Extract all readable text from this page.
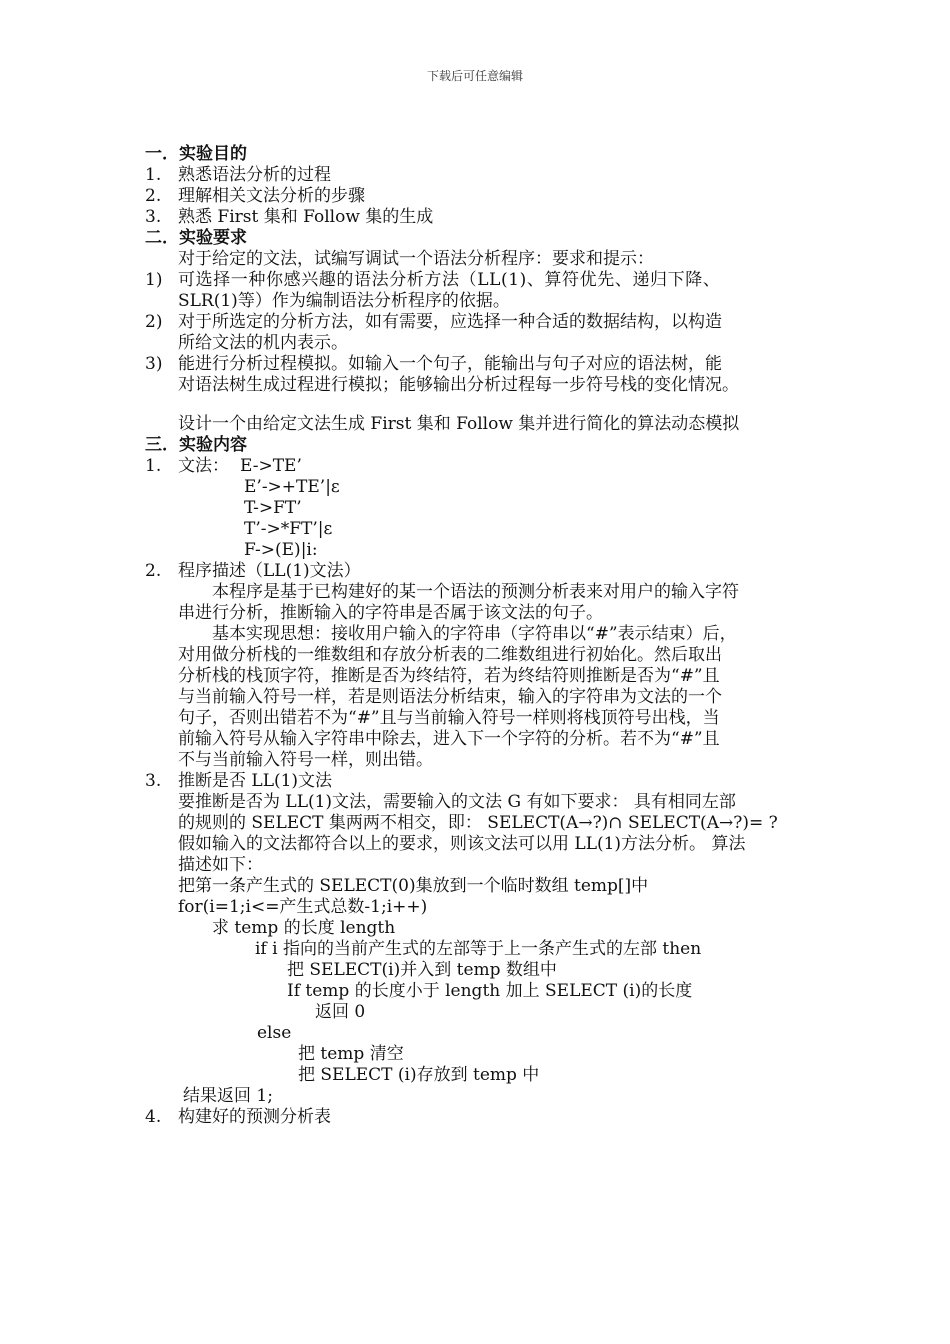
下载后可任意编辑
一．实验目的
1. 熟悉语法分析的过程
2. 理解相关文法分析的步骤
3. 熟悉 First 集和 Follow 集的生成
二．实验要求
对于给定的文法，试编写调试一个语法分析程序：要求和提示：
1) 可选择一种你感兴趣的语法分析方法（LL(1)、算符优先、递归下降、
SLR(1)等）作为编制语法分析程序的依据。
2) 对于所选定的分析方法，如有需要，应选择一种合适的数据结构，以构造
所给文法的机内表示。
3) 能进行分析过程模拟。如输入一个句子，能输出与句子对应的语法树，能
对语法树生成过程进行模拟；能够输出分析过程每一步符号栈的变化情况。
设计一个由给定文法生成 First 集和 Follow 集并进行简化的算法动态模拟
三．实验内容
1. 文法： E->TE’
E’->+TE’|ε
T->FT’
T’->*FT’|ε
F->(E)|i:
2. 程序描述（LL(1)文法）
本程序是基于已构建好的某一个语法的预测分析表来对用户的输入字符
串进行分析，推断输入的字符串是否属于该文法的句子。
基本实现思想：接收用户输入的字符串（字符串以“#”表示结束）后，
对用做分析栈的一维数组和存放分析表的二维数组进行初始化。然后取出
分析栈的栈顶字符，推断是否为终结符，若为终结符则推断是否为“#”且
与当前输入符号一样，若是则语法分析结束，输入的字符串为文法的一个
句子，否则出错若不为“#”且与当前输入符号一样则将栈顶符号出栈，当
前输入符号从输入字符串中除去，进入下一个字符的分析。若不为“#”且
不与当前输入符号一样，则出错。
3. 推断是否 LL(1)文法
要推断是否为 LL(1)文法，需要输入的文法 G 有如下要求： 具有相同左部
的规则的 SELECT 集两两不相交，即： SELECT(A→?)∩ SELECT(A→?)= ?
假如输入的文法都符合以上的要求，则该文法可以用 LL(1)方法分析。 算法
描述如下：
把第一条产生式的 SELECT(0)集放到一个临时数组 temp[]中
for(i=1;i<=产生式总数-1;i++)
求 temp 的长度 length
if i 指向的当前产生式的左部等于上一条产生式的左部 then
把 SELECT(i)并入到 temp 数组中
If temp 的长度小于 length 加上 SELECT (i)的长度
返回 0
else
把 temp 清空
把 SELECT (i)存放到 temp 中
结果返回 1;
4. 构建好的预测分析表
